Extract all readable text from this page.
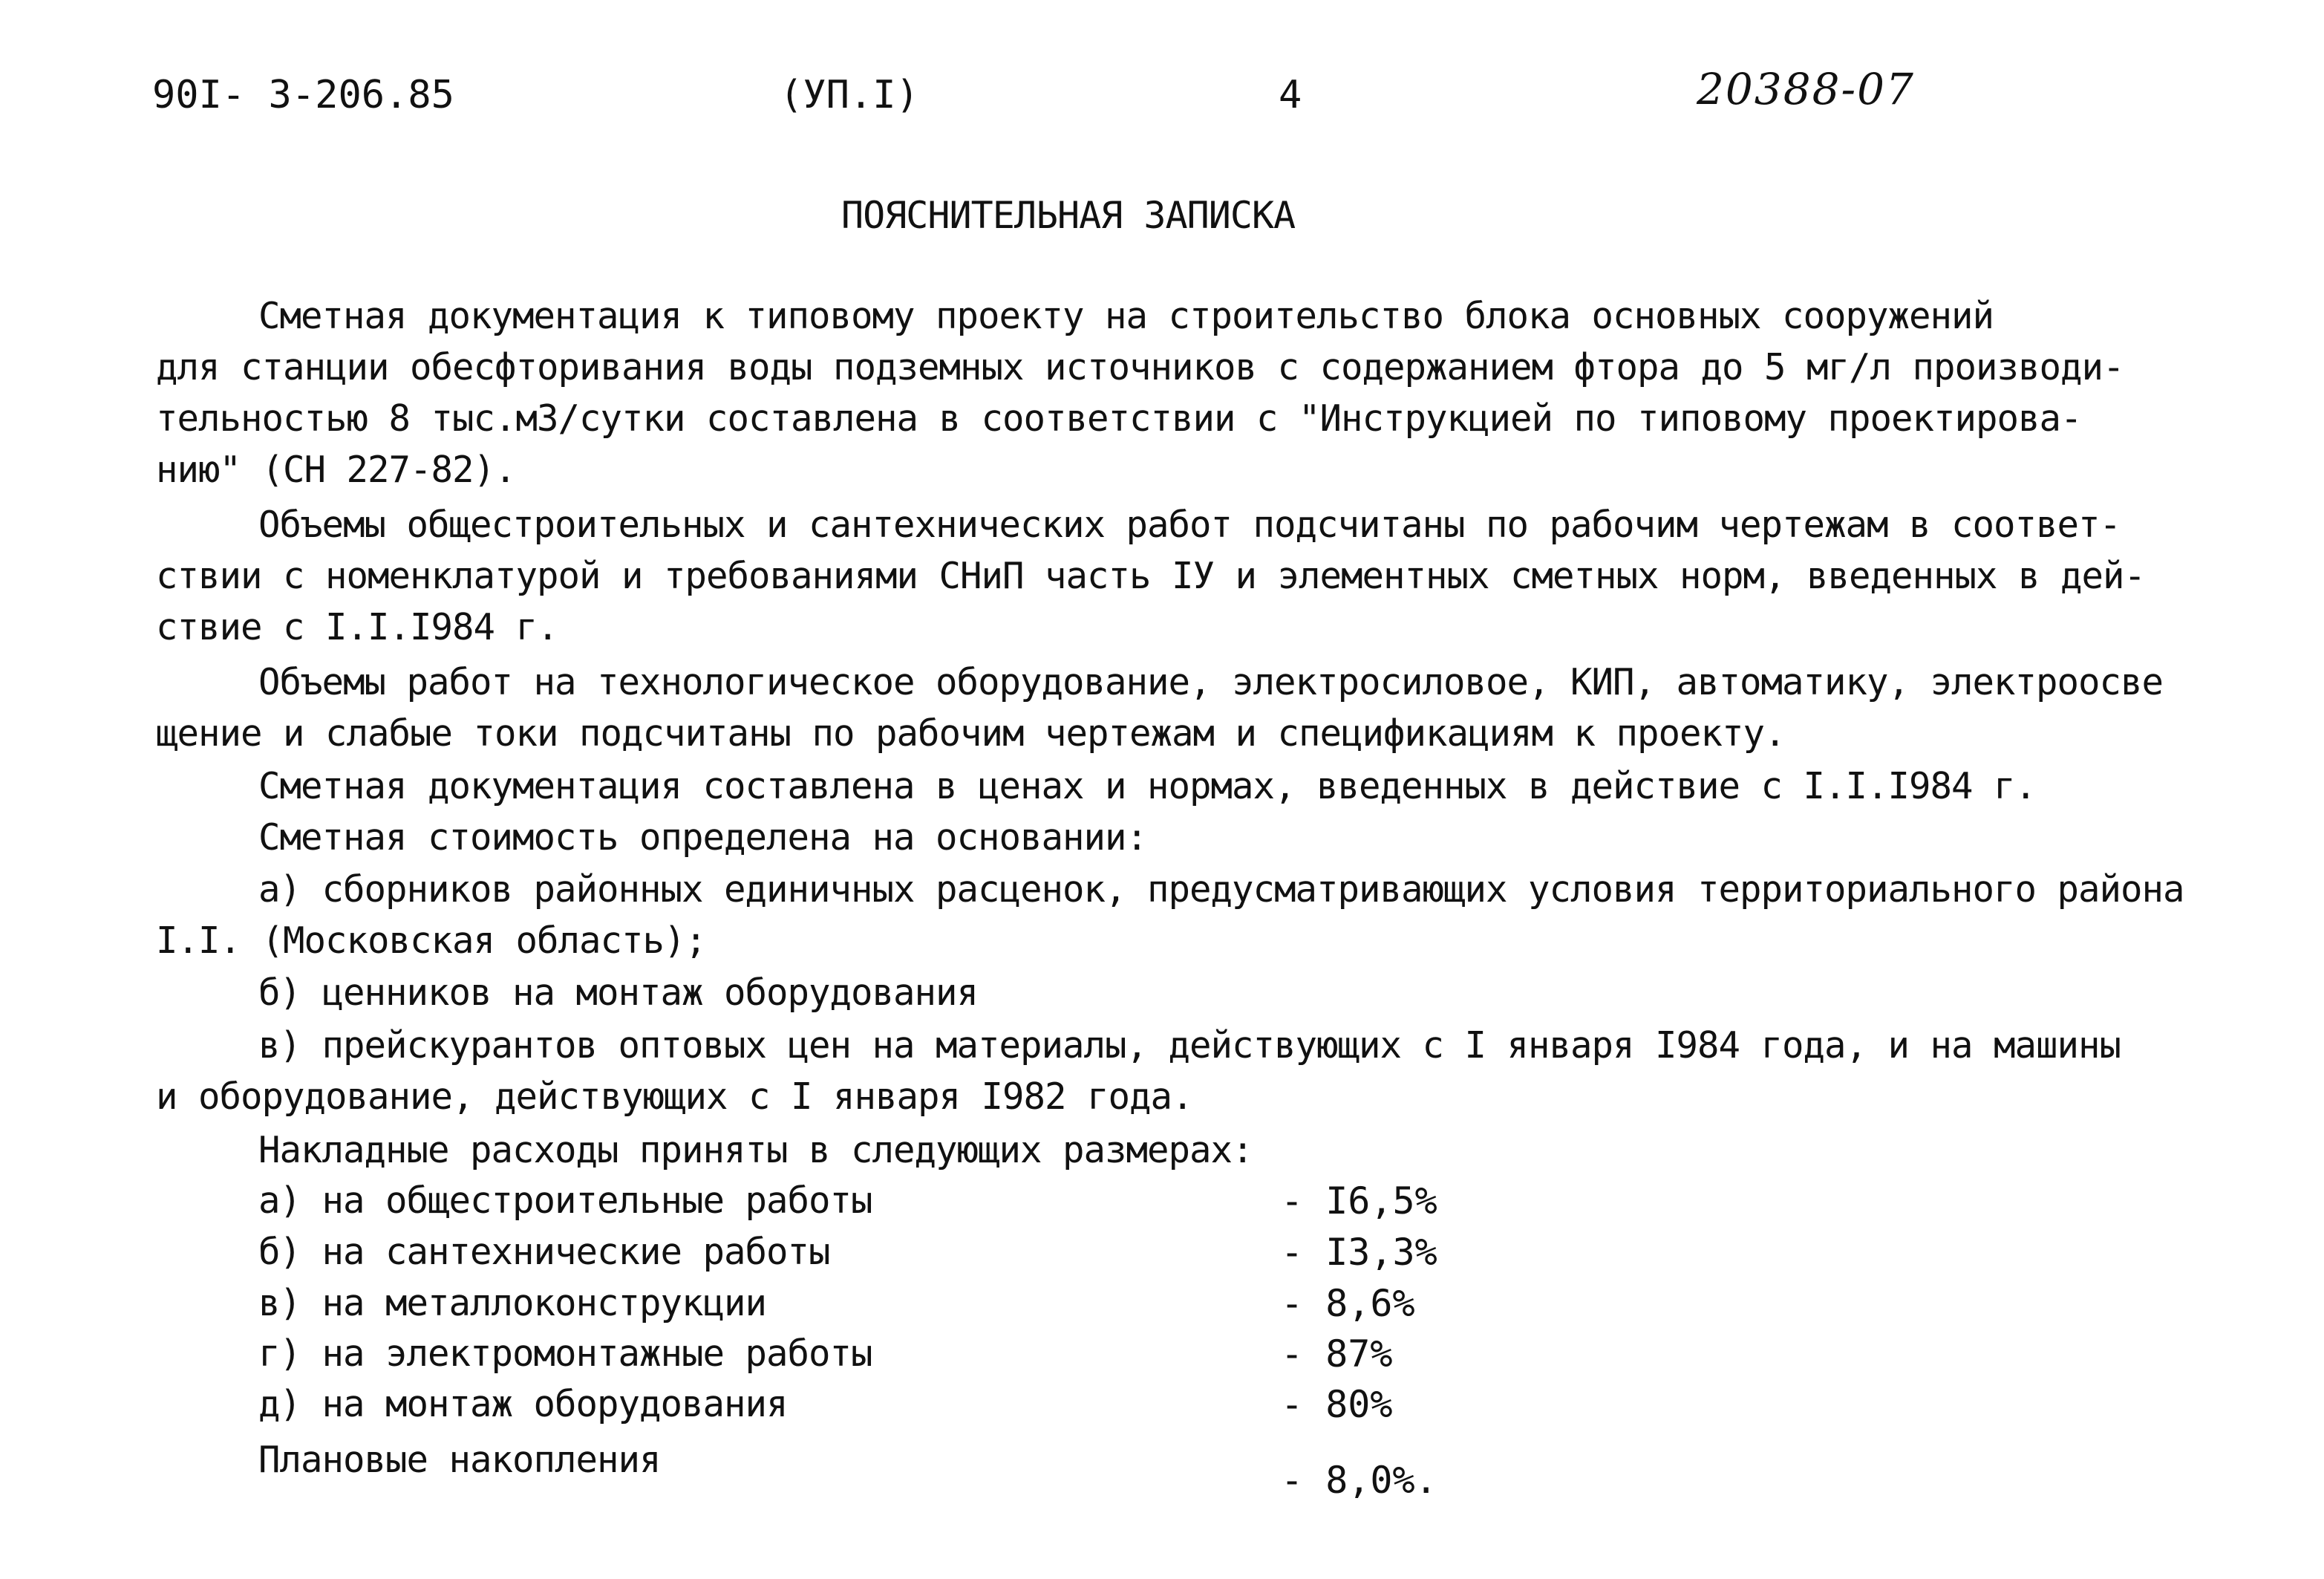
90I- 3-206.85	(УП.I)	4	20388-07
ПОЯСНИТЕЛЬНАЯ ЗАПИСКА
Сметная документация к типовому проекту на строительство блока основных сооружений
для станции обесфторивания воды подземных источников с содержанием фтора до 5 мг/л производи-
тельностью 8 тыс.м3/сутки составлена в соответствии с "Инструкцией по типовому проектирова-
нию" (СН 227-82).
Объемы общестроительных и сантехнических работ подсчитаны по рабочим чертежам в соответ-
ствии с номенклатурой и требованиями СНиП часть IУ и элементных сметных норм, введенных в дей-
ствие с I.I.I984 г.
Объемы работ на технологическое оборудование, электросиловое, КИП, автоматику, электроосве
щение и слабые токи подсчитаны по рабочим чертежам и спецификациям к проекту.
Сметная документация составлена в ценах и нормах, введенных в действие с I.I.I984 г.
Сметная стоимость определена на основании:
а) сборников районных единичных расценок, предусматривающих условия территориального района
I.I. (Московская область);
б) ценников на монтаж оборудования
в) прейскурантов оптовых цен на материалы, действующих с I января I984 года, и на машины
и оборудование, действующих с I января I982 года.
Накладные расходы приняты в следующих размерах:
а) на общестроительные работы	- I6,5%
б) на сантехнические работы	- I3,3%
в) на металлоконструкции	- 8,6%
г) на электромонтажные работы	- 87%
д) на монтаж оборудования	- 80%
Плановые накопления	- 8,0%.
